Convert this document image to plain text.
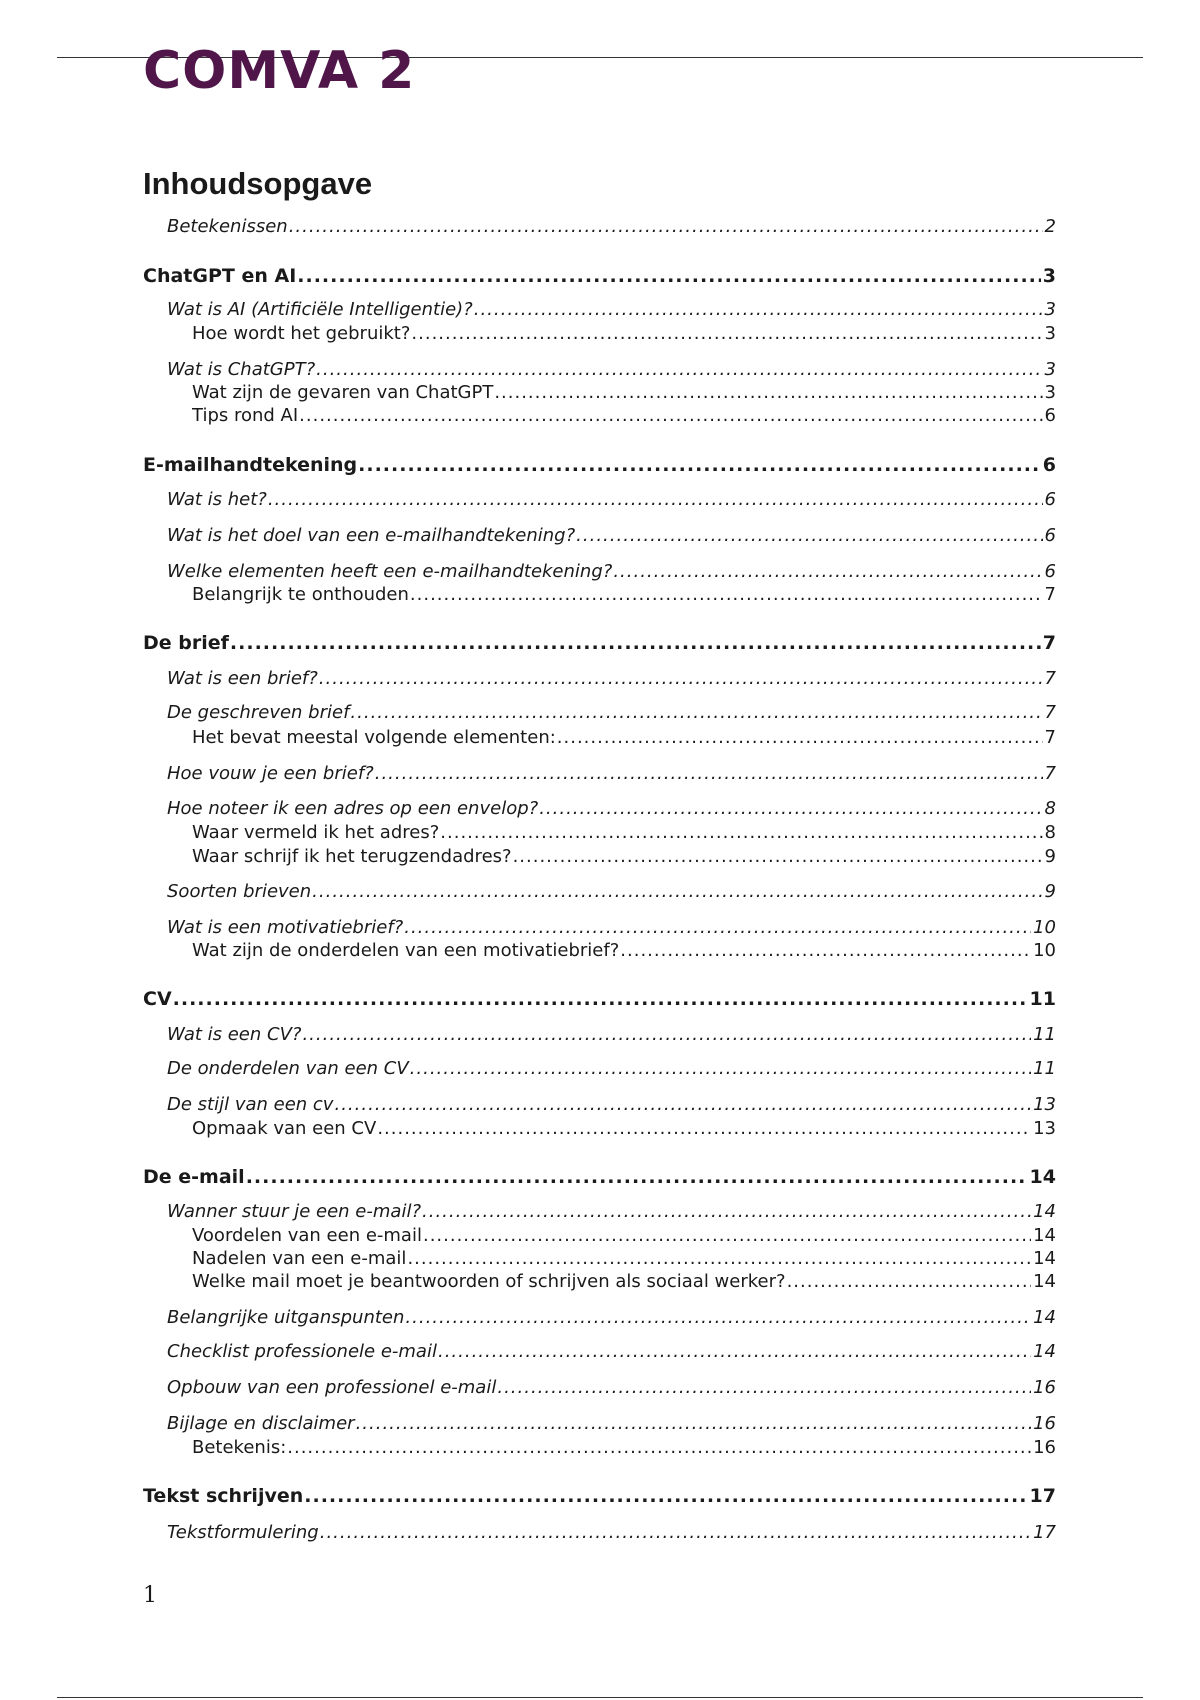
COMVA 2
Inhoudsopgave
Betekenissen .....	2
ChatGPT en AI .....	3
Wat is AI (Artificiële Intelligentie)? .....	3
Hoe wordt het gebruikt? .....	3
Wat is ChatGPT? .....	3
Wat zijn de gevaren van ChatGPT .....	3
Tips rond AI .....	6
E-mailhandtekening .....	6
Wat is het? .....	6
Wat is het doel van een e-mailhandtekening? .....	6
Welke elementen heeft een e-mailhandtekening? .....	6
Belangrijk te onthouden .....	7
De brief .....	7
Wat is een brief? .....	7
De geschreven brief .....	7
Het bevat meestal volgende elementen: .....	7
Hoe vouw je een brief? .....	7
Hoe noteer ik een adres op een envelop? .....	8
Waar vermeld ik het adres? .....	8
Waar schrijf ik het terugzendadres? .....	9
Soorten brieven .....	9
Wat is een motivatiebrief? .....	10
Wat zijn de onderdelen van een motivatiebrief? .....	10
CV .....	11
Wat is een CV? .....	11
De onderdelen van een CV .....	11
De stijl van een cv .....	13
Opmaak van een CV .....	13
De e-mail .....	14
Wanner stuur je een e-mail? .....	14
Voordelen van een e-mail .....	14
Nadelen van een e-mail .....	14
Welke mail moet je beantwoorden of schrijven als sociaal werker? .....	14
Belangrijke uitganspunten .....	14
Checklist professionele e-mail .....	14
Opbouw van een professionel e-mail .....	16
Bijlage en disclaimer .....	16
Betekenis: .....	16
Tekst schrijven .....	17
Tekstformulering .....	17
1
